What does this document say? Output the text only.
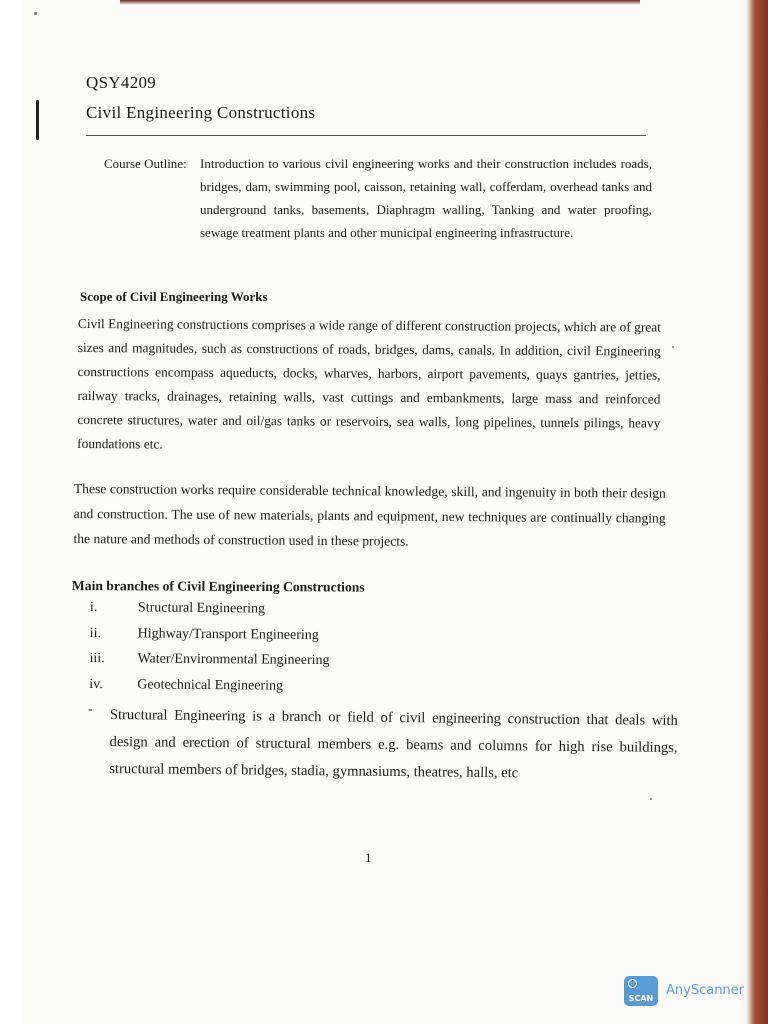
QSY4209
Civil Engineering Constructions
Course Outline: Introduction to various civil engineering works and their construction includes roads, bridges, dam, swimming pool, caisson, retaining wall, cofferdam, overhead tanks and underground tanks, basements, Diaphragm walling, Tanking and water proofing, sewage treatment plants and other municipal engineering infrastructure.
Scope of Civil Engineering Works
Civil Engineering constructions comprises a wide range of different construction projects, which are of great sizes and magnitudes, such as constructions of roads, bridges, dams, canals. In addition, civil Engineering constructions encompass aqueducts, docks, wharves, harbors, airport pavements, quays gantries, jetties, railway tracks, drainages, retaining walls, vast cuttings and embankments, large mass and reinforced concrete structures, water and oil/gas tanks or reservoirs, sea walls, long pipelines, tunnels pilings, heavy foundations etc.
These construction works require considerable technical knowledge, skill, and ingenuity in both their design and construction. The use of new materials, plants and equipment, new techniques are continually changing the nature and methods of construction used in these projects.
Main branches of Civil Engineering Constructions
i.	Structural Engineering
ii.	Highway/Transport Engineering
iii.	Water/Environmental Engineering
iv.	Geotechnical Engineering
- Structural Engineering is a branch or field of civil engineering construction that deals with design and erection of structural members e.g. beams and columns for high rise buildings, structural members of bridges, stadia, gymnasiums, theatres, halls, etc
1
SCAN
AnyScanner
